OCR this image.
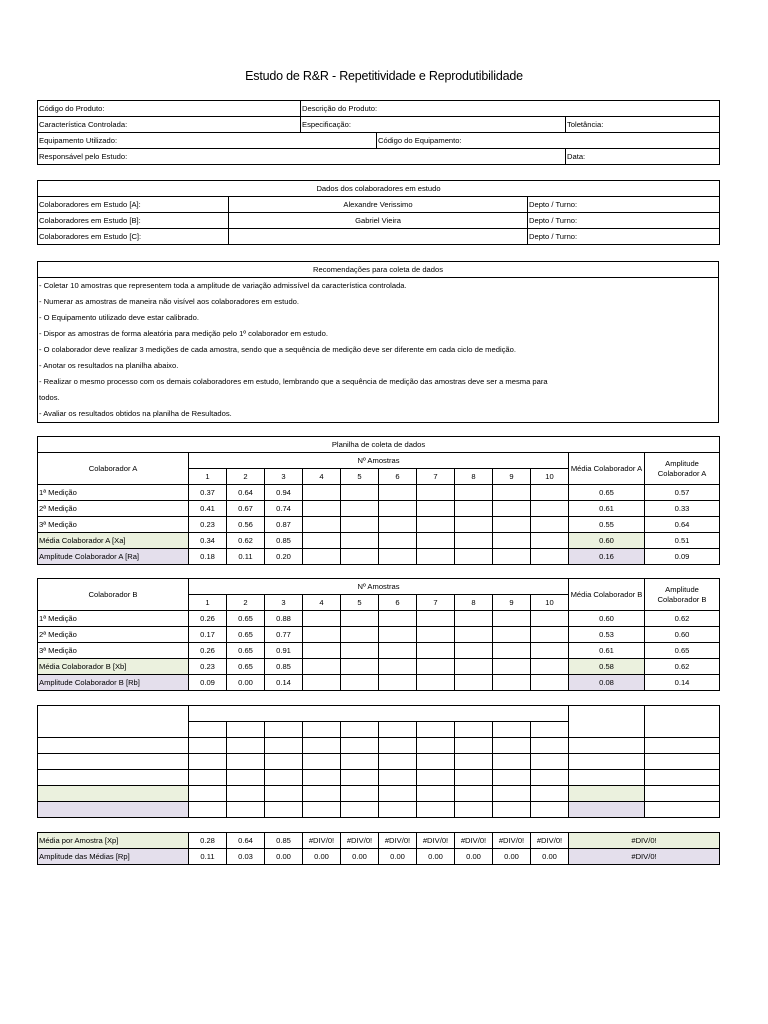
Estudo de R&R - Repetitividade e Reprodutibilidade
Código do Produto:	Descrição do Produto:		
Característica Controlada:	Especificação:		Toletância:
Equipamento Utilizado:		Código do Equipamento:	
Responsável pelo Estudo:			Data:
Dados dos colaboradores em estudo		
Colaboradores em Estudo [A]:	Alexandre Verissimo	Depto / Turno:
Colaboradores em Estudo [B]:	Gabriel Vieira	Depto / Turno:
Colaboradores em Estudo [C]:		Depto / Turno:
Recomendações para coleta de dados

- Coletar 10 amostras que representem toda a amplitude de variação admissível da característica controlada.
- Numerar as amostras de maneira não visível aos colaboradores em estudo.
- O Equipamento utilizado deve estar calibrado.
- Dispor as amostras de forma aleatória para medição pelo 1º colaborador em estudo.
- O colaborador deve realizar 3 medições de cada amostra, sendo que a sequência de medição deve ser diferente em cada ciclo de medição.
- Anotar os resultados na planilha abaixo.
- Realizar o mesmo processo com os demais colaboradores em estudo, lembrando que a sequência de medição das amostras deve ser a mesma para
todos.
- Avaliar os resultados obtidos na planilha de Resultados.
Planilha de coleta de dados												
Colaborador A	Nº Amostras										Média Colaborador A	Amplitude Colaborador A
	1	2	3	4	5	6	7	8	9	10		
1ª Medição	0.37	0.64	0.94								0.65	0.57
2ª Medição	0.41	0.67	0.74								0.61	0.33
3ª Medição	0.23	0.56	0.87								0.55	0.64
Média Colaborador A [Xa]	0.34	0.62	0.85								0.60	0.51
Amplitude Colaborador A [Ra]	0.18	0.11	0.20								0.16	0.09

Colaborador B	Nº Amostras										Média Colaborador B	Amplitude Colaborador B
	1	2	3	4	5	6	7	8	9	10		
1ª Medição	0.26	0.65	0.88								0.60	0.62
2ª Medição	0.17	0.65	0.77								0.53	0.60
3ª Medição	0.26	0.65	0.91								0.61	0.65
Média Colaborador B [Xb]	0.23	0.65	0.85								0.58	0.62
Amplitude Colaborador B [Rb]	0.09	0.00	0.14								0.08	0.14

Média por Amostra [Xp]	0.28	0.64	0.85	#DIV/0!	#DIV/0!	#DIV/0!	#DIV/0!	#DIV/0!	#DIV/0!	#DIV/0!	#DIV/0!	
Amplitude das Médias [Rp]	0.11	0.03	0.00	0.00	0.00	0.00	0.00	0.00	0.00	0.00	#DIV/0!	
